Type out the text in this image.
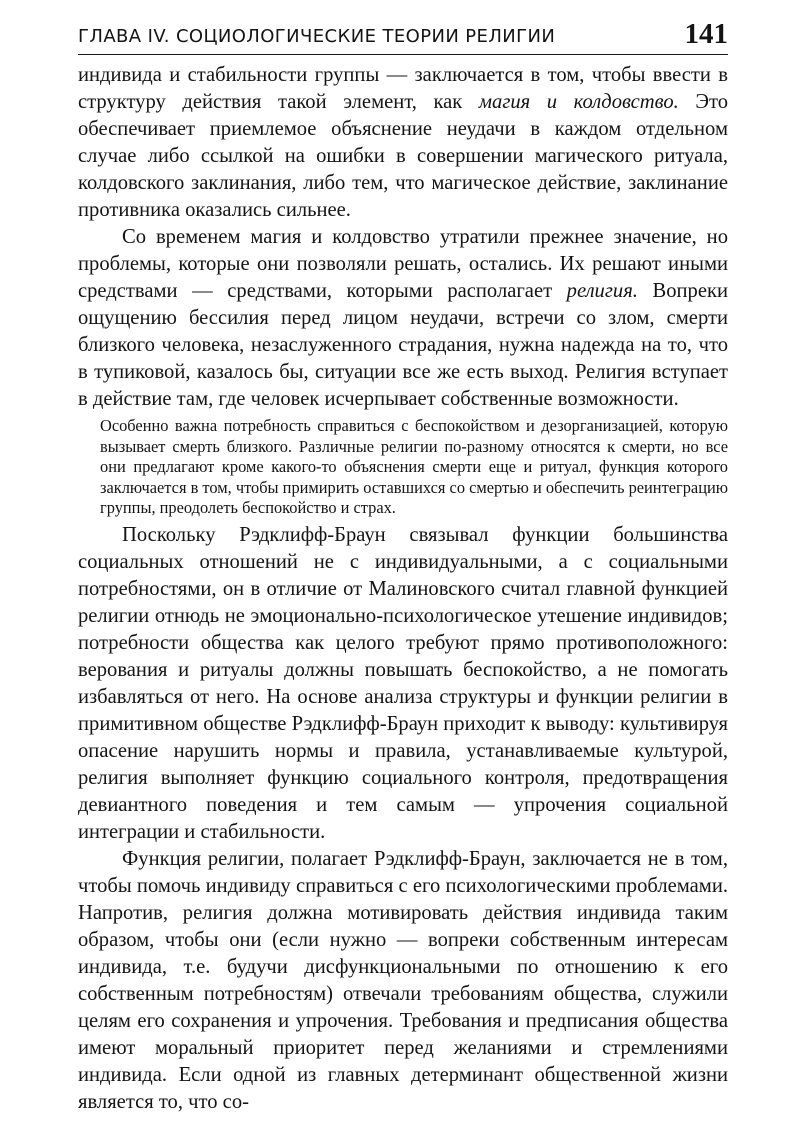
ГЛАВА IV. СОЦИОЛОГИЧЕСКИЕ ТЕОРИИ РЕЛИГИИ	141

индивида и стабильности группы — заключается в том, чтобы ввести в структуру действия такой элемент, как магия и колдовство. Это обеспечивает приемлемое объяснение неудачи в каждом отдельном случае либо ссылкой на ошибки в совершении магического ритуала, колдовского заклинания, либо тем, что магическое действие, заклинание противника оказались сильнее.

Со временем магия и колдовство утратили прежнее значение, но проблемы, которые они позволяли решать, остались. Их решают иными средствами — средствами, которыми располагает религия. Вопреки ощущению бессилия перед лицом неудачи, встречи со злом, смерти близкого человека, незаслуженного страдания, нужна надежда на то, что в тупиковой, казалось бы, ситуации все же есть выход. Религия вступает в действие там, где человек исчерпывает собственные возможности.

Особенно важна потребность справиться с беспокойством и дезорганизацией, которую вызывает смерть близкого. Различные религии по-разному относятся к смерти, но все они предлагают кроме какого-то объяснения смерти еще и ритуал, функция которого заключается в том, чтобы примирить оставшихся со смертью и обеспечить реинтеграцию группы, преодолеть беспокойство и страх.

Поскольку Рэдклифф-Браун связывал функции большинства социальных отношений не с индивидуальными, а с социальными потребностями, он в отличие от Малиновского считал главной функцией религии отнюдь не эмоционально-психологическое утешение индивидов; потребности общества как целого требуют прямо противоположного: верования и ритуалы должны повышать беспокойство, а не помогать избавляться от него. На основе анализа структуры и функции религии в примитивном обществе Рэдклифф-Браун приходит к выводу: культивируя опасение нарушить нормы и правила, устанавливаемые культурой, религия выполняет функцию социального контроля, предотвращения девиантного поведения и тем самым — упрочения социальной интеграции и стабильности.

Функция религии, полагает Рэдклифф-Браун, заключается не в том, чтобы помочь индивиду справиться с его психологическими проблемами. Напротив, религия должна мотивировать действия индивида таким образом, чтобы они (если нужно — вопреки собственным интересам индивида, т.е. будучи дисфункциональными по отношению к его собственным потребностям) отвечали требованиям общества, служили целям его сохранения и упрочения. Требования и предписания общества имеют моральный приоритет перед желаниями и стремлениями индивида. Если одной из главных детерминант общественной жизни является то, что со-
